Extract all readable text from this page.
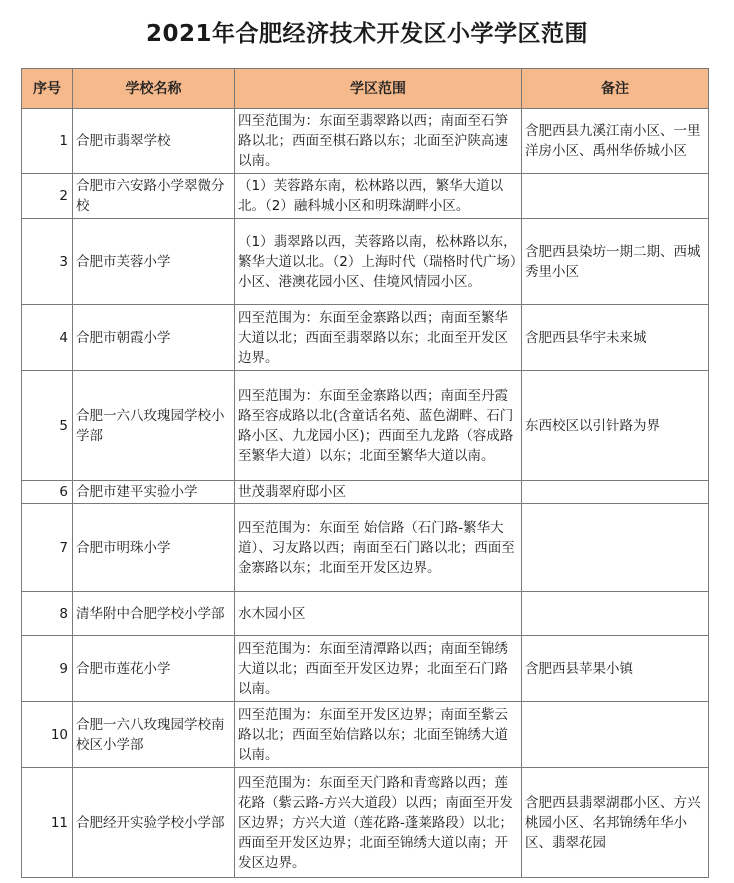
2021年合肥经济技术开发区小学学区范围
序号	学校名称	学区范围	备注
1	合肥市翡翠学校	四至范围为：东面至翡翠路以西；南面至石笋路以北；西面至棋石路以东；北面至沪陕高速以南。	含肥西县九溪江南小区、一里洋房小区、禹州华侨城小区
2	合肥市六安路小学翠微分校	（1）芙蓉路东南，松林路以西，繁华大道以北。（2）融科城小区和明珠湖畔小区。	
3	合肥市芙蓉小学	（1）翡翠路以西，芙蓉路以南，松林路以东，繁华大道以北。（2）上海时代（瑞格时代广场）小区、港澳花园小区、佳境风情园小区。	含肥西县染坊一期二期、西城秀里小区
4	合肥市朝霞小学	四至范围为：东面至金寨路以西；南面至繁华大道以北；西面至翡翠路以东；北面至开发区边界。	含肥西县华宇未来城
5	合肥一六八玫瑰园学校小学部	四至范围为：东面至金寨路以西；南面至丹霞路至容成路以北(含童话名苑、蓝色湖畔、石门路小区、九龙园小区)；西面至九龙路（容成路至繁华大道）以东；北面至繁华大道以南。	东西校区以引针路为界
6	合肥市建平实验小学	世茂翡翠府邸小区	
7	合肥市明珠小学	四至范围为：东面至 始信路（石门路-繁华大道）、习友路以西；南面至石门路以北；西面至金寨路以东；北面至开发区边界。	
8	清华附中合肥学校小学部	水木园小区	
9	合肥市莲花小学	四至范围为：东面至清潭路以西；南面至锦绣大道以北；西面至开发区边界；北面至石门路以南。	含肥西县苹果小镇
10	合肥一六八玫瑰园学校南校区小学部	四至范围为：东面至开发区边界；南面至紫云路以北；西面至始信路以东；北面至锦绣大道以南。	
11	合肥经开实验学校小学部	四至范围为：东面至天门路和青鸾路以西；莲花路（紫云路-方兴大道段）以西；南面至开发区边界；方兴大道（莲花路-蓬莱路段）以北；西面至开发区边界；北面至锦绣大道以南；开发区边界。	含肥西县翡翠湖郡小区、方兴桃园小区、名邦锦绣年华小区、翡翠花园
